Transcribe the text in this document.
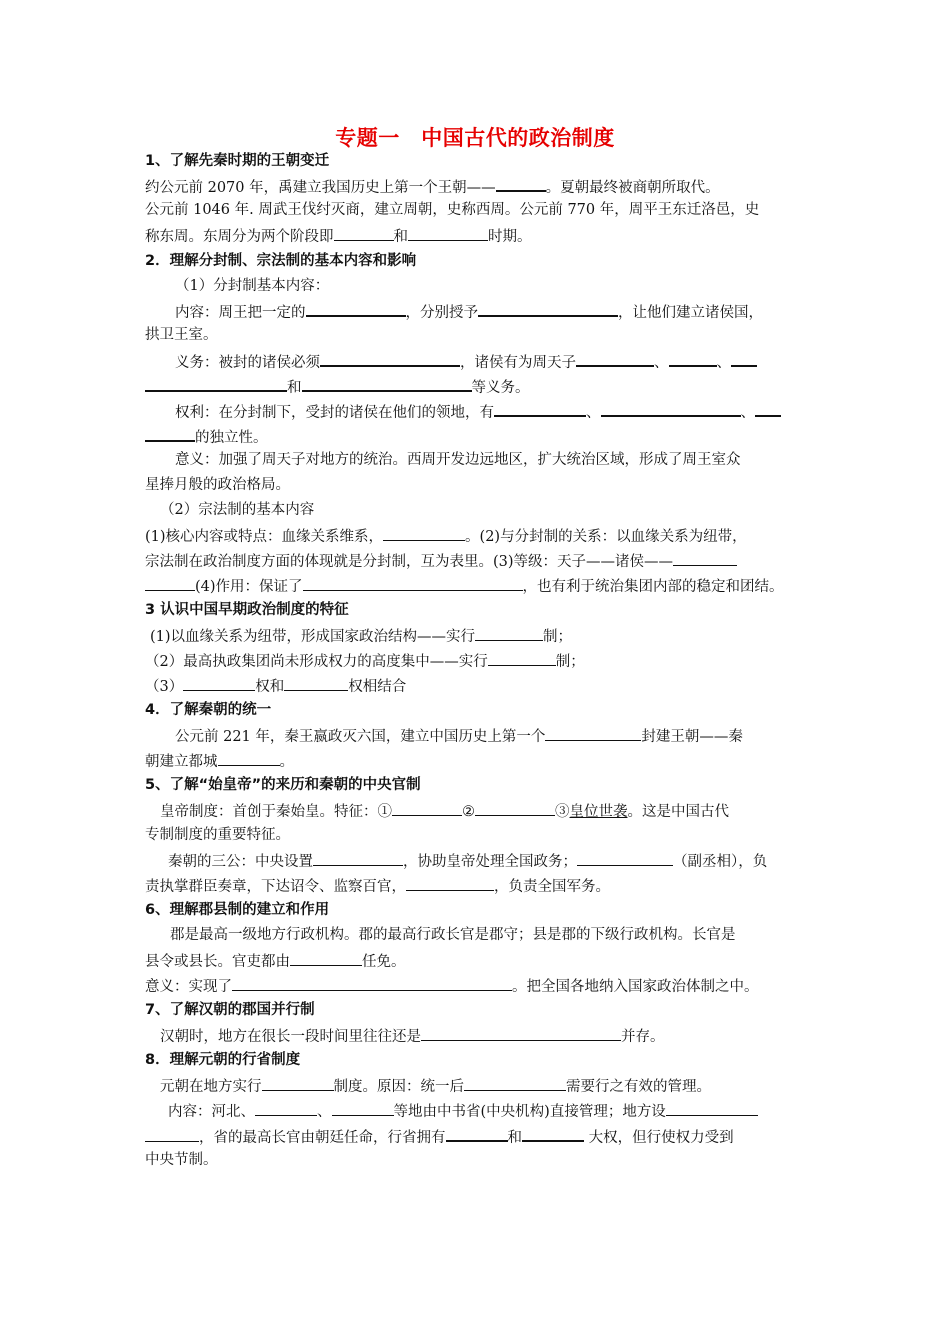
专题一　中国古代的政治制度
1、了解先秦时期的王朝变迁
约公元前 2070 年，禹建立我国历史上第一个王朝——	。夏朝最终被商朝所取代。
公元前 1046 年. 周武王伐纣灭商，建立周朝，史称西周。公元前 770 年，周平王东迁洛邑，史
称东周。东周分为两个阶段即	和	时期。
2．理解分封制、宗法制的基本内容和影响
（1）分封制基本内容：
内容：周王把一定的	，分别授予	，让他们建立诸侯国，
拱卫王室。
义务：被封的诸侯必须	，诸侯有为周天子	、	、
和	等义务。
权利：在分封制下，受封的诸侯在他们的领地，有	、	、
的独立性。
意义：加强了周天子对地方的统治。西周开发边远地区，扩大统治区域，形成了周王室众
星捧月般的政治格局。
（2）宗法制的基本内容
(1)核心内容或特点：血缘关系维系，	。(2)与分封制的关系：以血缘关系为纽带，
宗法制在政治制度方面的体现就是分封制，互为表里。(3)等级：天子——诸侯——
(4)作用：保证了	，也有利于统治集团内部的稳定和团结。
3 认识中国早期政治制度的特征
(1)以血缘关系为纽带，形成国家政治结构——实行	制；
（2）最高执政集团尚未形成权力的高度集中——实行	制；
（3）	权和	权相结合
4．了解秦朝的统一
公元前 221 年，秦王嬴政灭六国，建立中国历史上第一个	封建王朝——秦
朝建立都城	。
5、了解“始皇帝”的来历和秦朝的中央官制
皇帝制度：首创于秦始皇。特征：①	②	③皇位世袭。这是中国古代
专制制度的重要特征。
秦朝的三公：中央设置	，协助皇帝处理全国政务；	（副丞相），负
责执掌群臣奏章，下达诏令、监察百官，	，负责全国军务。
6、理解郡县制的建立和作用
郡是最高一级地方行政机构。郡的最高行政长官是郡守；县是郡的下级行政机构。长官是
县令或县长。官吏都由	任免。
意义：实现了	。把全国各地纳入国家政治体制之中。
7、了解汉朝的郡国并行制
汉朝时，地方在很长一段时间里往往还是	并存。
8．理解元朝的行省制度
元朝在地方实行	制度。原因：统一后	需要行之有效的管理。
内容：河北、	、	等地由中书省(中央机构)直接管理；地方设
，省的最高长官由朝廷任命，行省拥有	和	大权，但行使权力受到
中央节制。
